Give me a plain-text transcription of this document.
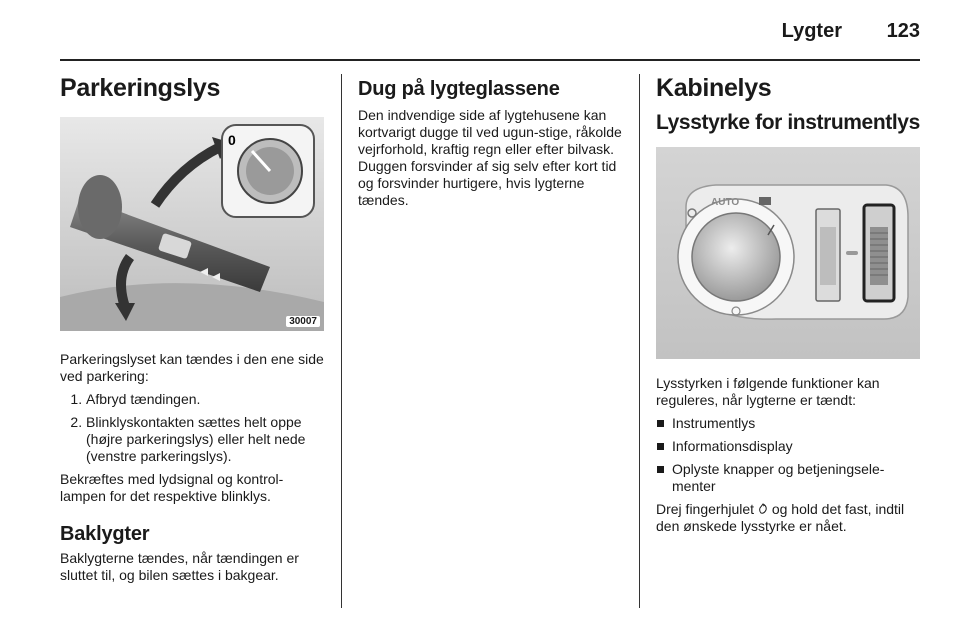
Lygter 123
Parkeringslys
0
30007

Parkeringslyset kan tændes i den ene side ved parkering:

1. Afbryd tændingen.
2. Blinklyskontakten sættes helt oppe (højre parkeringslys) eller helt nede (venstre parkeringslys).

Bekræftes med lydsignal og kontrol-lampen for det respektive blinklys.

Baklygter

Baklygterne tændes, når tændingen er sluttet til, og bilen sættes i bakgear.

Dug på lygteglassene

Den indvendige side af lygtehusene kan kortvarigt dugge til ved ugun-stige, råkolde vejrforhold, kraftig regn eller efter bilvask. Duggen forsvinder af sig selv efter kort tid og forsvinder hurtigere, hvis lygterne tændes.

Kabinelys
Lysstyrke for instrumentlys
AUTO

Lysstyrken i følgende funktioner kan reguleres, når lygterne er tændt:

Instrumentlys
Informationsdisplay
Oplyste knapper og betjeningsele-menter

Drej fingerhjulet og hold det fast, indtil den ønskede lysstyrke er nået.
